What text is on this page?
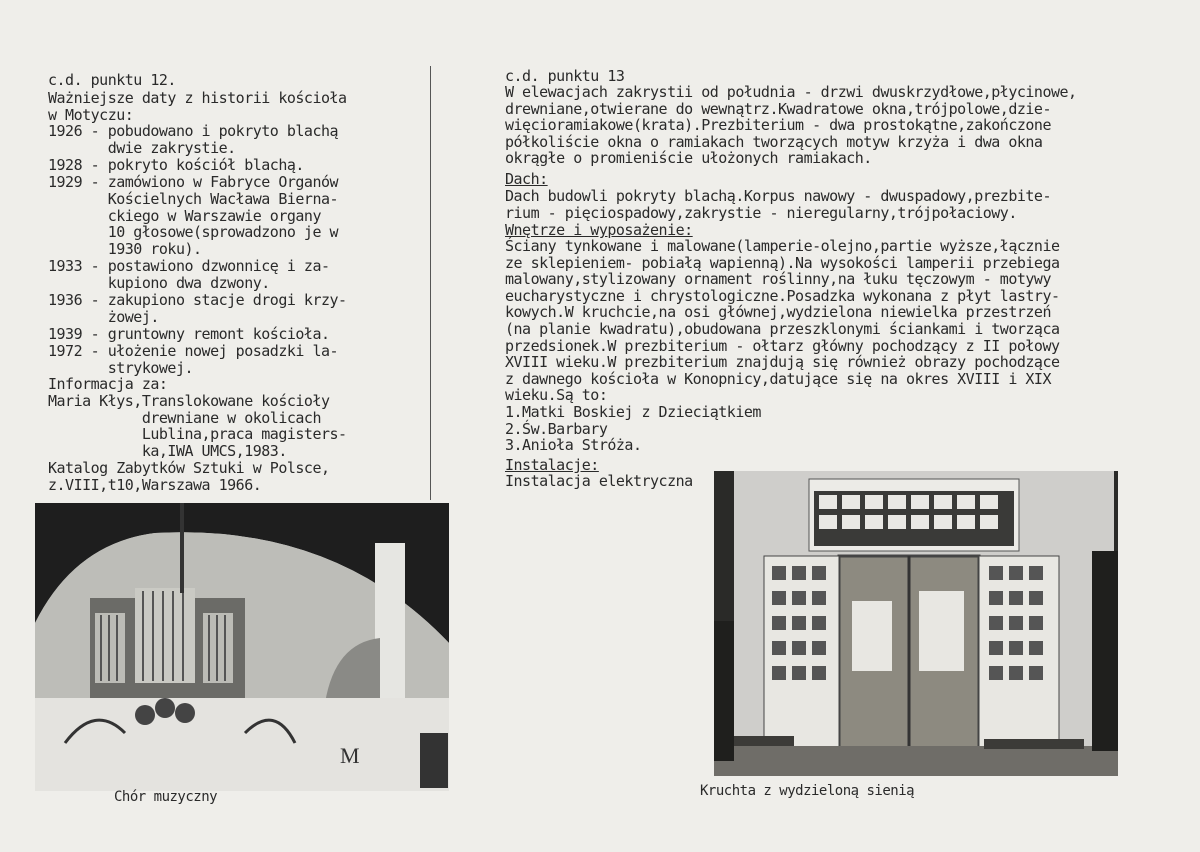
c.d. punktu 12.
Ważniejsze daty z historii kościoła
w Motyczu:
1926 - pobudowano i pokryto blachą
dwie zakrystie.
1928 - pokryto kościół blachą.
1929 - zamówiono w Fabryce Organów
Kościelnych Wacława Bierna-
ckiego w Warszawie organy
10 głosowe(sprowadzono je w
1930 roku).
1933 - postawiono dzwonnicę i za-
kupiono dwa dzwony.
1936 - zakupiono stacje drogi krzy-
żowej.
1939 - gruntowny remont kościoła.
1972 - ułożenie nowej posadzki la-
strykowej.
Informacja za:
Maria Kłys,Translokowane kościoły
drewniane w okolicach
Lublina,praca magisters-
ka,IWA UMCS,1983.
Katalog Zabytków Sztuki w Polsce,
z.VIII,t10,Warszawa 1966.
c.d. punktu 13
W elewacjach zakrystii od południa - drzwi dwuskrzydłowe,płycinowe,
drewniane,otwierane do wewnątrz.Kwadratowe okna,trójpolowe,dzie-
więcioramiakowe(krata).Prezbiterium - dwa prostokątne,zakończone
półkoliście okna o ramiakach tworzących motyw krzyża i dwa okna
okrągłe o promieniście ułożonych ramiakach.
Dach:
Dach budowli pokryty blachą.Korpus nawowy - dwuspadowy,prezbite-
rium - pięciospadowy,zakrystie - nieregularny,trójpołaciowy.
Wnętrze i wyposażenie:
Ściany tynkowane i malowane(lamperie-olejno,partie wyższe,łącznie
ze sklepieniem- pobiałą wapienną).Na wysokości lamperii przebiega
malowany,stylizowany ornament roślinny,na łuku tęczowym - motywy
eucharystyczne i chrystologiczne.Posadzka wykonana z płyt lastry-
kowych.W kruchcie,na osi głównej,wydzielona niewielka przestrzeń
(na planie kwadratu),obudowana przeszklonymi ściankami i tworząca
przedsionek.W prezbiterium - ołtarz główny pochodzący z II połowy
XVIII wieku.W prezbiterium znajdują się również obrazy pochodzące
z dawnego kościoła w Konopnicy,datujące się na okres XVIII i XIX
wieku.Są to:
1.Matki Boskiej z Dzieciątkiem
2.Św.Barbary
3.Anioła Stróża.
Instalacje:
Instalacja elektryczna
M
Chór muzyczny	Kruchta z wydzieloną sienią
